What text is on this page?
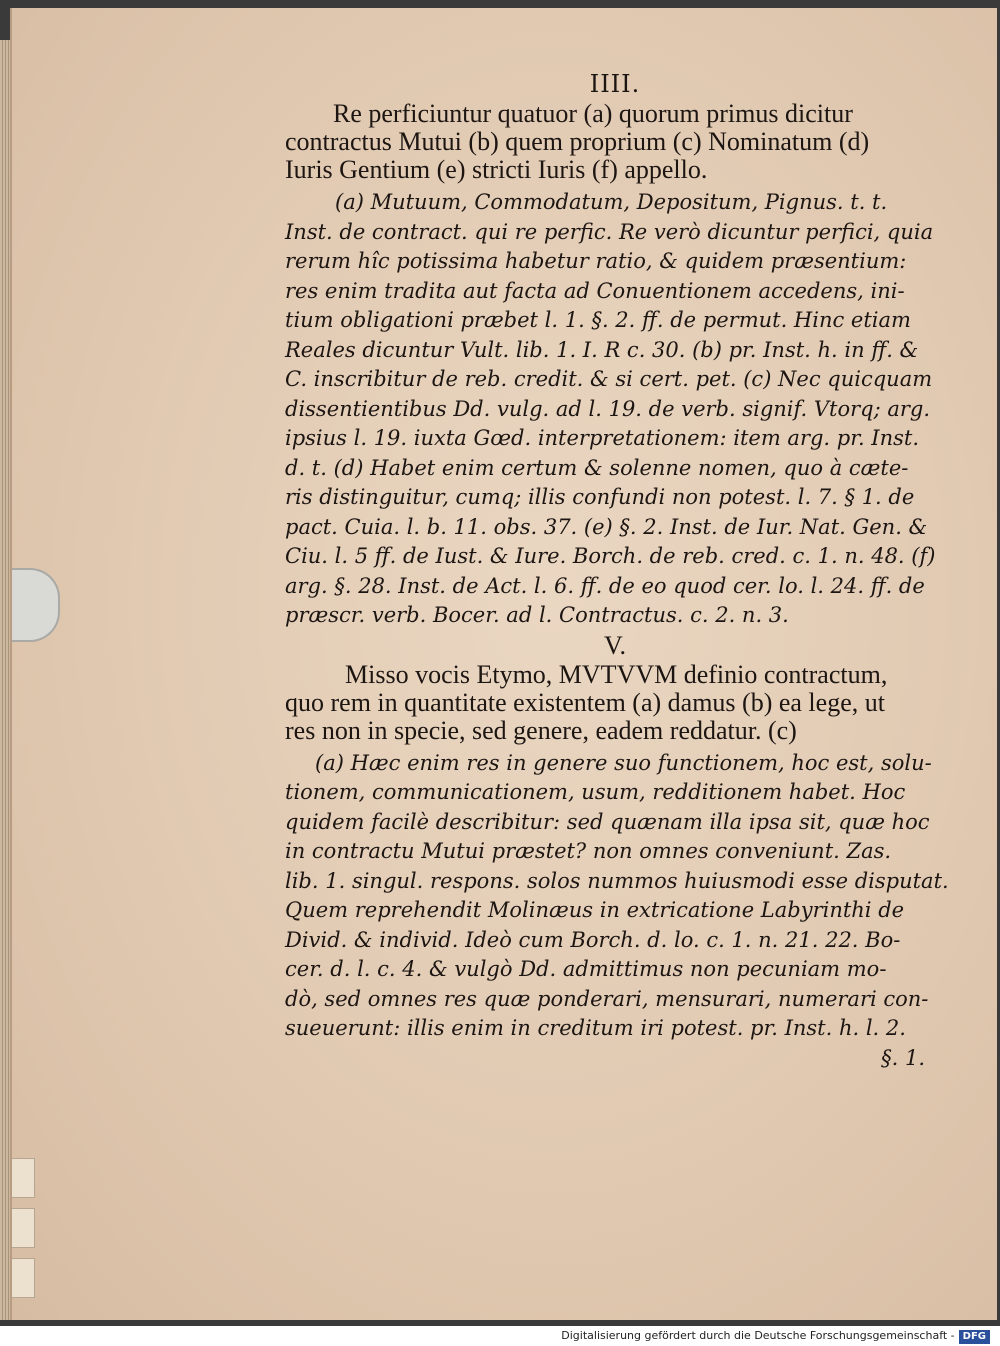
IIII.
Re perficiuntur quatuor (a) quorum primus dicitur
contractus Mutui (b) quem proprium (c) Nominatum (d)
Iuris Gentium (e) stricti Iuris (f) appello.
(a) Mutuum, Commodatum, Depositum, Pignus. t. t.
Inst. de contract. qui re perfic. Re verò dicuntur perfici, quia
rerum hîc potissima habetur ratio, & quidem præsentium:
res enim tradita aut facta ad Conuentionem accedens, ini-
tium obligationi præbet l. 1. §. 2. ff. de permut. Hinc etiam
Reales dicuntur Vult. lib. 1. I. R c. 30. (b) pr. Inst. h. in ff. &
C. inscribitur de reb. credit. & si cert. pet. (c) Nec quicquam
dissentientibus Dd. vulg. ad l. 19. de verb. signif. Vtorq; arg.
ipsius l. 19. iuxta Gœd. interpretationem: item arg. pr. Inst.
d. t. (d) Habet enim certum & solenne nomen, quo à cæte-
ris distinguitur, cumq; illis confundi non potest. l. 7. § 1. de
pact. Cuia. l. b. 11. obs. 37. (e) §. 2. Inst. de Iur. Nat. Gen. &
Ciu. l. 5 ff. de Iust. & Iure. Borch. de reb. cred. c. 1. n. 48. (f)
arg. §. 28. Inst. de Act. l. 6. ff. de eo quod cer. lo. l. 24. ff. de
præscr. verb. Bocer. ad l. Contractus. c. 2. n. 3.
V.
Misso vocis Etymo, MVTVVM definio contractum,
quo rem in quantitate existentem (a) damus (b) ea lege, ut
res non in specie, sed genere, eadem reddatur. (c)
(a) Hæc enim res in genere suo functionem, hoc est, solu-
tionem, communicationem, usum, redditionem habet. Hoc
quidem facilè describitur: sed quænam illa ipsa sit, quæ hoc
in contractu Mutui præstet? non omnes conveniunt. Zas.
lib. 1. singul. respons. solos nummos huiusmodi esse disputat.
Quem reprehendit Molinæus in extricatione Labyrinthi de
Divid. & individ. Ideò cum Borch. d. lo. c. 1. n. 21. 22. Bo-
cer. d. l. c. 4. & vulgò Dd. admittimus non pecuniam mo-
dò, sed omnes res quæ ponderari, mensurari, numerari con-
sueuerunt: illis enim in creditum iri potest. pr. Inst. h. l. 2.
§. 1.
Digitalisierung gefördert durch die Deutsche Forschungsgemeinschaft - DFG
